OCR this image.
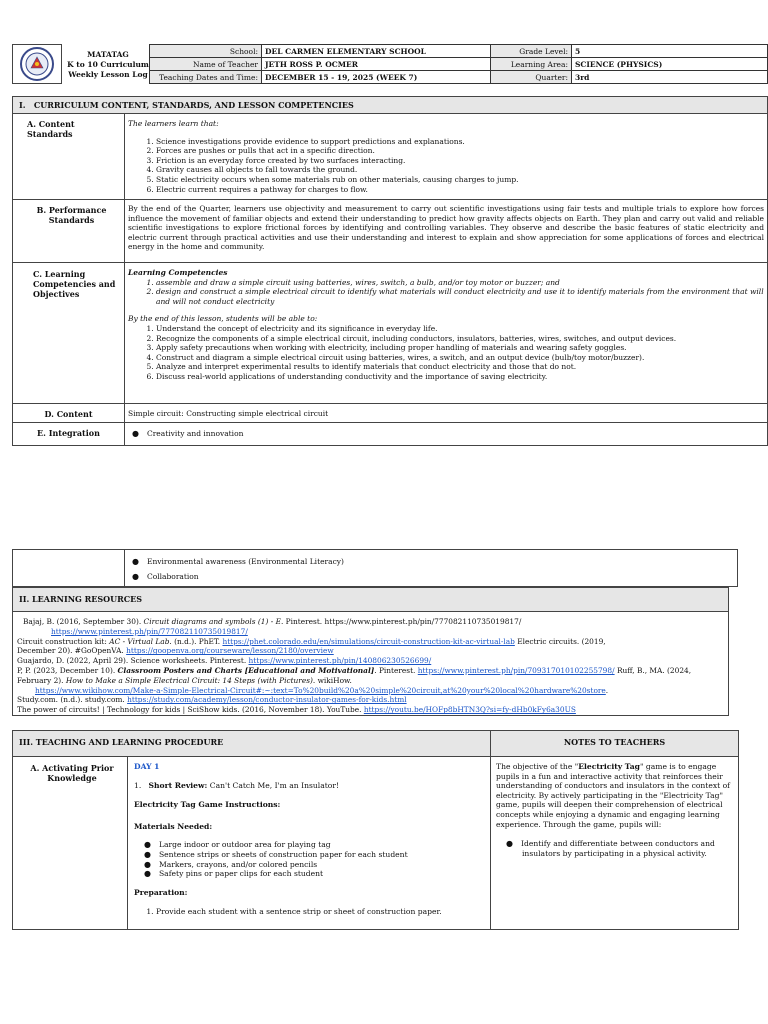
MATATAG
K to 10 Curriculum
Weekly Lesson Log
School:	DEL CARMEN ELEMENTARY SCHOOL	Grade Level:	5
Name of Teacher	JETH ROSS P. OCMER	Learning Area:	SCIENCE (PHYSICS)
Teaching Dates and Time:	DECEMBER 15 - 19, 2025 (WEEK 7)	Quarter:	3rd
I. CURRICULUM CONTENT, STANDARDS, AND LESSON COMPETENCIES
A. Content Standards
The learners learn that:
1. Science investigations provide evidence to support predictions and explanations.
2. Forces are pushes or pulls that act in a specific direction.
3. Friction is an everyday force created by two surfaces interacting.
4. Gravity causes all objects to fall towards the ground.
5. Static electricity occurs when some materials rub on other materials, causing charges to jump.
6. Electric current requires a pathway for charges to flow.
B. Performance Standards
By the end of the Quarter, learners use objectivity and measurement to carry out scientific investigations using fair tests and multiple trials to explore how forces influence the movement of familiar objects and extend their understanding to predict how gravity affects objects on Earth. They plan and carry out valid and reliable scientific investigations to explore frictional forces by identifying and controlling variables. They observe and describe the basic features of static electricity and electric current through practical activities and use their understanding and interest to explain and show appreciation for some applications of forces and electrical energy in the home and community.
C. Learning Competencies and Objectives
Learning Competencies
1. assemble and draw a simple circuit using batteries, wires, switch, a bulb, and/or toy motor or buzzer; and
2. design and construct a simple electrical circuit to identify what materials will conduct electricity and use it to identify materials from the environment that will and will not conduct electricity
By the end of this lesson, students will be able to:
1. Understand the concept of electricity and its significance in everyday life.
2. Recognize the components of a simple electrical circuit, including conductors, insulators, batteries, wires, switches, and output devices.
3. Apply safety precautions when working with electricity, including proper handling of materials and wearing safety goggles.
4. Construct and diagram a simple electrical circuit using batteries, wires, a switch, and an output device (bulb/toy motor/buzzer).
5. Analyze and interpret experimental results to identify materials that conduct electricity and those that do not.
6. Discuss real-world applications of understanding conductivity and the importance of saving electricity.
D. Content	Simple circuit: Constructing simple electrical circuit
E. Integration	● Creativity and innovation
● Environmental awareness (Environmental Literacy)
● Collaboration
II. LEARNING RESOURCES
Bajaj, B. (2016, September 30). Circuit diagrams and symbols (1) - E. Pinterest. https://www.pinterest.ph/pin/777082110735019817/
https://www.pinterest.ph/pin/777082110735019817/
Circuit construction kit: AC - Virtual Lab. (n.d.). PhET. https://phet.colorado.edu/en/simulations/circuit-construction-kit-ac-virtual-lab Electric circuits. (2019,
December 20). #GoOpenVA. https://goopenva.org/courseware/lesson/2180/overview
Guajardo, D. (2022, April 29). Science worksheets. Pinterest. https://www.pinterest.ph/pin/140806230526699/
P, P. (2023, December 10). Classroom Posters and Charts [Educational and Motivational]. Pinterest. https://www.pinterest.ph/pin/709317010102255798/ Ruff, B., MA. (2024,
February 2). How to Make a Simple Electrical Circuit: 14 Steps (with Pictures). wikiHow.
https://www.wikihow.com/Make-a-Simple-Electrical-Circuit#:~:text=To%20build%20a%20simple%20circuit,at%20your%20local%20hardware%20store.
Study.com. (n.d.). study.com. https://study.com/academy/lesson/conductor-insulator-games-for-kids.html
The power of circuits! | Technology for kids | SciShow kids. (2016, November 18). YouTube. https://youtu.be/HOFp8bHTN3Q?si=fy-dHb0kFy6a30US
III. TEACHING AND LEARNING PROCEDURE	NOTES TO TEACHERS
A. Activating Prior Knowledge
DAY 1
1. Short Review: Can't Catch Me, I'm an Insulator!
Electricity Tag Game Instructions:
Materials Needed:
● Large indoor or outdoor area for playing tag
● Sentence strips or sheets of construction paper for each student
● Markers, crayons, and/or colored pencils
● Safety pins or paper clips for each student
Preparation:
1. Provide each student with a sentence strip or sheet of construction paper.
The objective of the "Electricity Tag" game is to engage pupils in a fun and interactive activity that reinforces their understanding of conductors and insulators in the context of electricity. By actively participating in the "Electricity Tag" game, pupils will deepen their comprehension of electrical concepts while enjoying a dynamic and engaging learning experience. Through the game, pupils will:
● Identify and differentiate between conductors and insulators by participating in a physical activity.
